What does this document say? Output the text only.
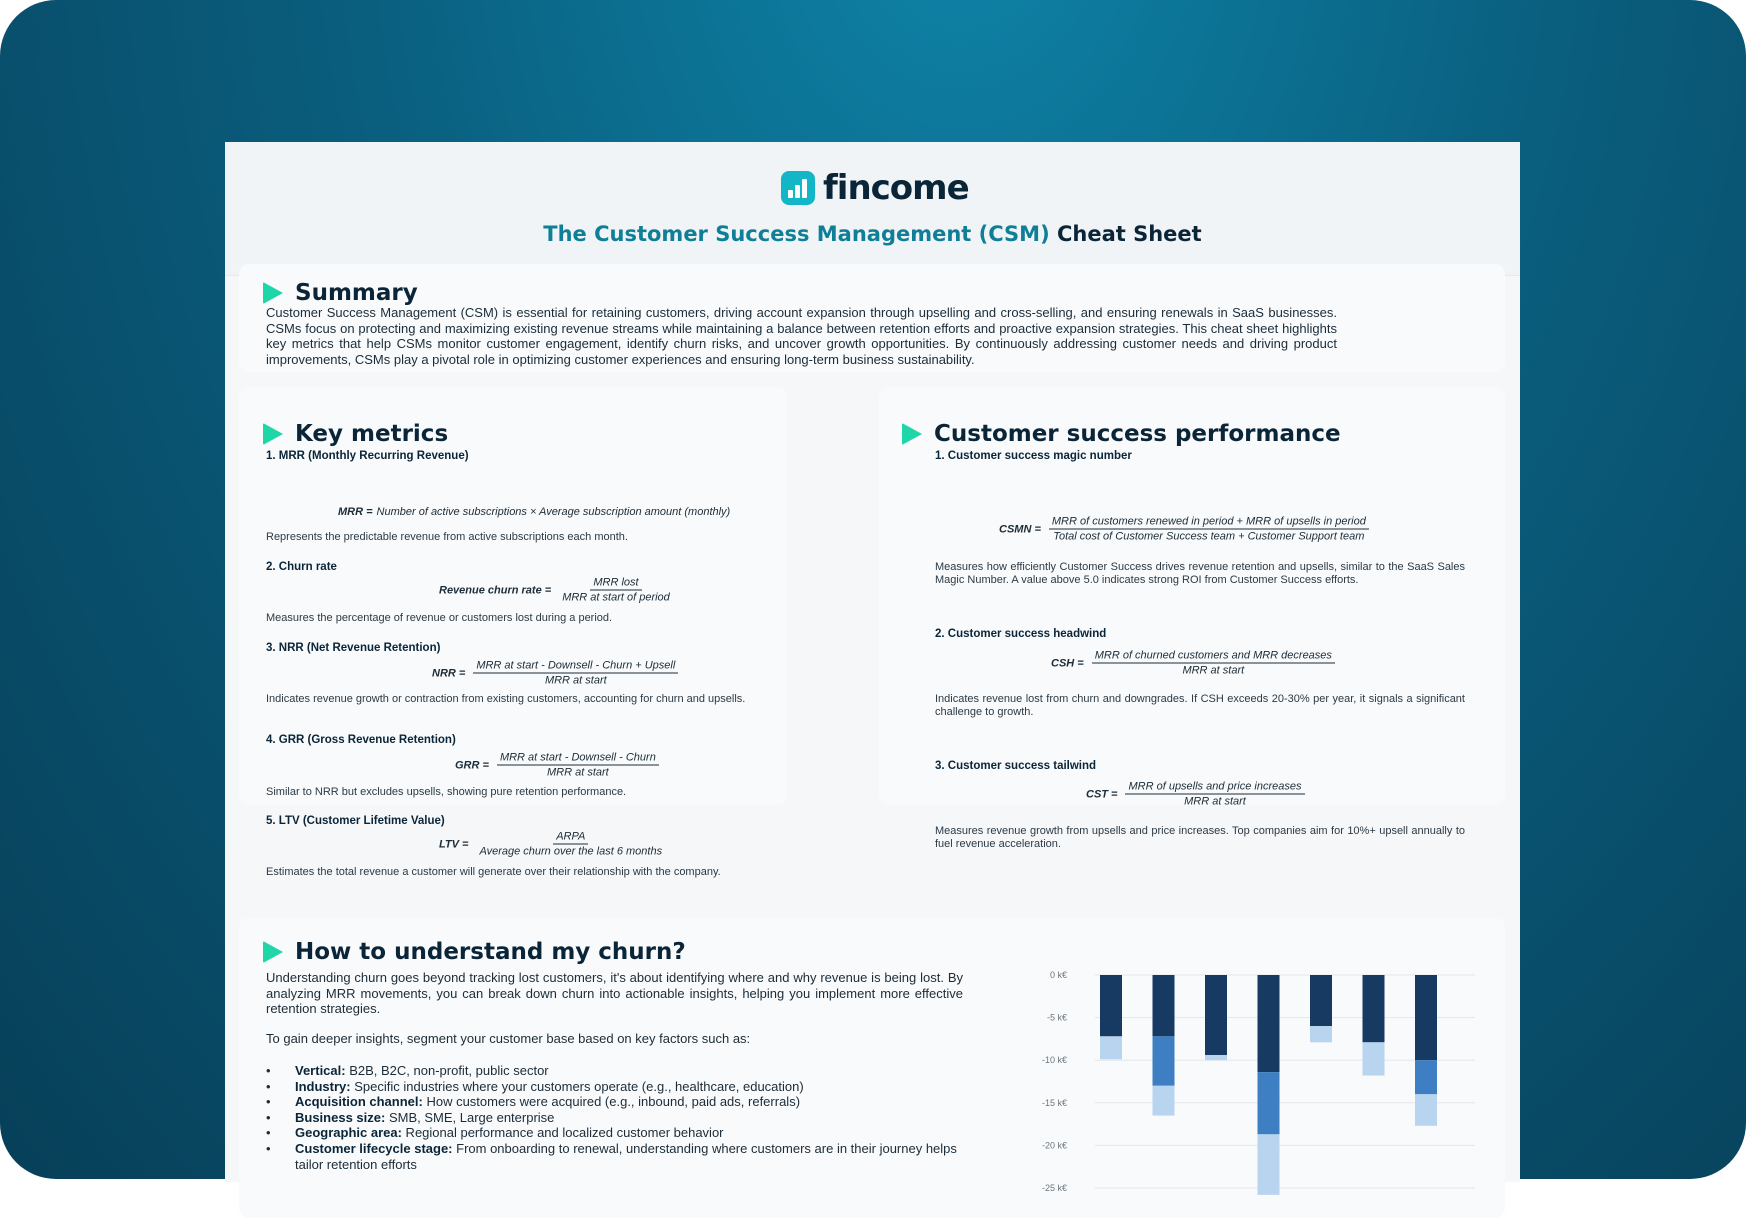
fincome
The Customer Success Management (CSM) Cheat Sheet
Summary
Customer Success Management (CSM) is essential for retaining customers, driving account expansion through upselling and cross-selling, and ensuring renewals in SaaS businesses. CSMs focus on protecting and maximizing existing revenue streams while maintaining a balance between retention efforts and proactive expansion strategies. This cheat sheet highlights key metrics that help CSMs monitor customer engagement, identify churn risks, and uncover growth opportunities. By continuously addressing customer needs and driving product improvements, CSMs play a pivotal role in optimizing customer experiences and ensuring long-term business sustainability.
Key metrics
1. MRR (Monthly Recurring Revenue)
MRR = Number of active subscriptions × Average subscription amount (monthly)
Represents the predictable revenue from active subscriptions each month.
2. Churn rate
Revenue churn rate = $\frac{\text{MRR lost}}{\text{MRR at start of period}}$
Measures the percentage of revenue or customers lost during a period.
3. NRR (Net Revenue Retention)
NRR = $\frac{\text{MRR at start - Downsell - Churn + Upsell}}{\text{MRR at start}}$
Indicates revenue growth or contraction from existing customers, accounting for churn and upsells.
4. GRR (Gross Revenue Retention)
GRR = $\frac{\text{MRR at start - Downsell - Churn}}{\text{MRR at start}}$
Similar to NRR but excludes upsells, showing pure retention performance.
5. LTV (Customer Lifetime Value)
LTV = $\frac{\text{ARPA}}{\text{Average churn over the last 6 months}}$
Estimates the total revenue a customer will generate over their relationship with the company.
Customer success performance
1. Customer success magic number
CSMN =
MRR of customers renewed in period + MRR of upsells in period
Total cost of Customer Success team + Customer Support team
Measures how efficiently Customer Success drives revenue retention and upsells, similar to the SaaS Sales Magic Number. A value above 5.0 indicates strong ROI from Customer Success efforts.
2. Customer success headwind
CSH = $\frac{\text{MRR of churned customers and MRR decreases}}{\text{MRR at start}}$
Indicates revenue lost from churn and downgrades. If CSH exceeds 20-30% per year, it signals a significant challenge to growth.
3. Customer success tailwind
CST = $\frac{\text{MRR of upsells and price increases}}{\text{MRR at start}}$
Measures revenue growth from upsells and price increases. Top companies aim for 10%+ upsell annually to fuel revenue acceleration.
How to understand my churn?
Understanding churn goes beyond tracking lost customers, it's about identifying where and why revenue is being lost. By analyzing MRR movements, you can break down churn into actionable insights, helping you implement more effective retention strategies.
To gain deeper insights, segment your customer base based on key factors such as:
• Vertical: B2B, B2C, non-profit, public sector
• Industry: Specific industries where your customers operate (e.g., healthcare, education)
• Acquisition channel: How customers were acquired (e.g., inbound, paid ads, referrals)
• Business size: SMB, SME, Large enterprise
• Geographic area: Regional performance and localized customer behavior
• Customer lifecycle stage: From onboarding to renewal, understanding where customers are in their journey helps tailor retention efforts
0 k€
-5 k€
-10 k€
-15 k€
-20 k€
-25 k€
